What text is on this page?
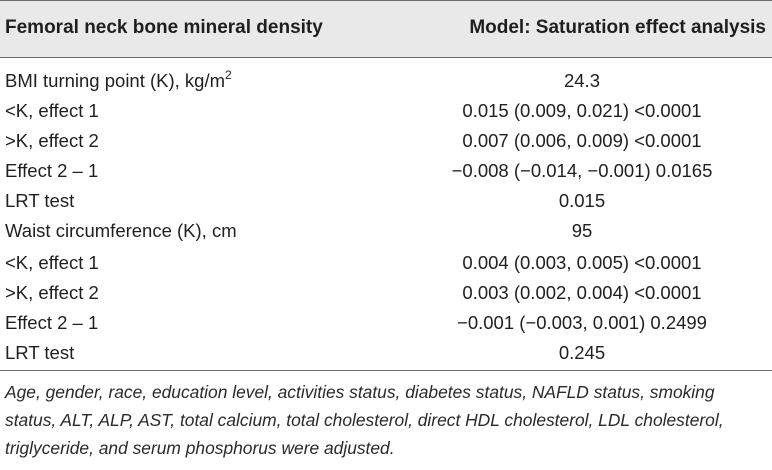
Femoral neck bone mineral density	Model: Saturation effect analysis
BMI turning point (K), $kg/m^2$	24.3
<K, effect 1	0.015 (0.009, 0.021) <0.0001
>K, effect 2	0.007 (0.006, 0.009) <0.0001
Effect 2 – 1	−0.008 (−0.014, −0.001) 0.0165
LRT test	0.015
Waist circumference (K), cm	95
<K, effect 1	0.004 (0.003, 0.005) <0.0001
>K, effect 2	0.003 (0.002, 0.004) <0.0001
Effect 2 – 1	−0.001 (−0.003, 0.001) 0.2499
LRT test	0.245
Age, gender, race, education level, activities status, diabetes status, NAFLD status, smoking status, ALT, ALP, AST, total calcium, total cholesterol, direct HDL cholesterol, LDL cholesterol, triglyceride, and serum phosphorus were adjusted.
